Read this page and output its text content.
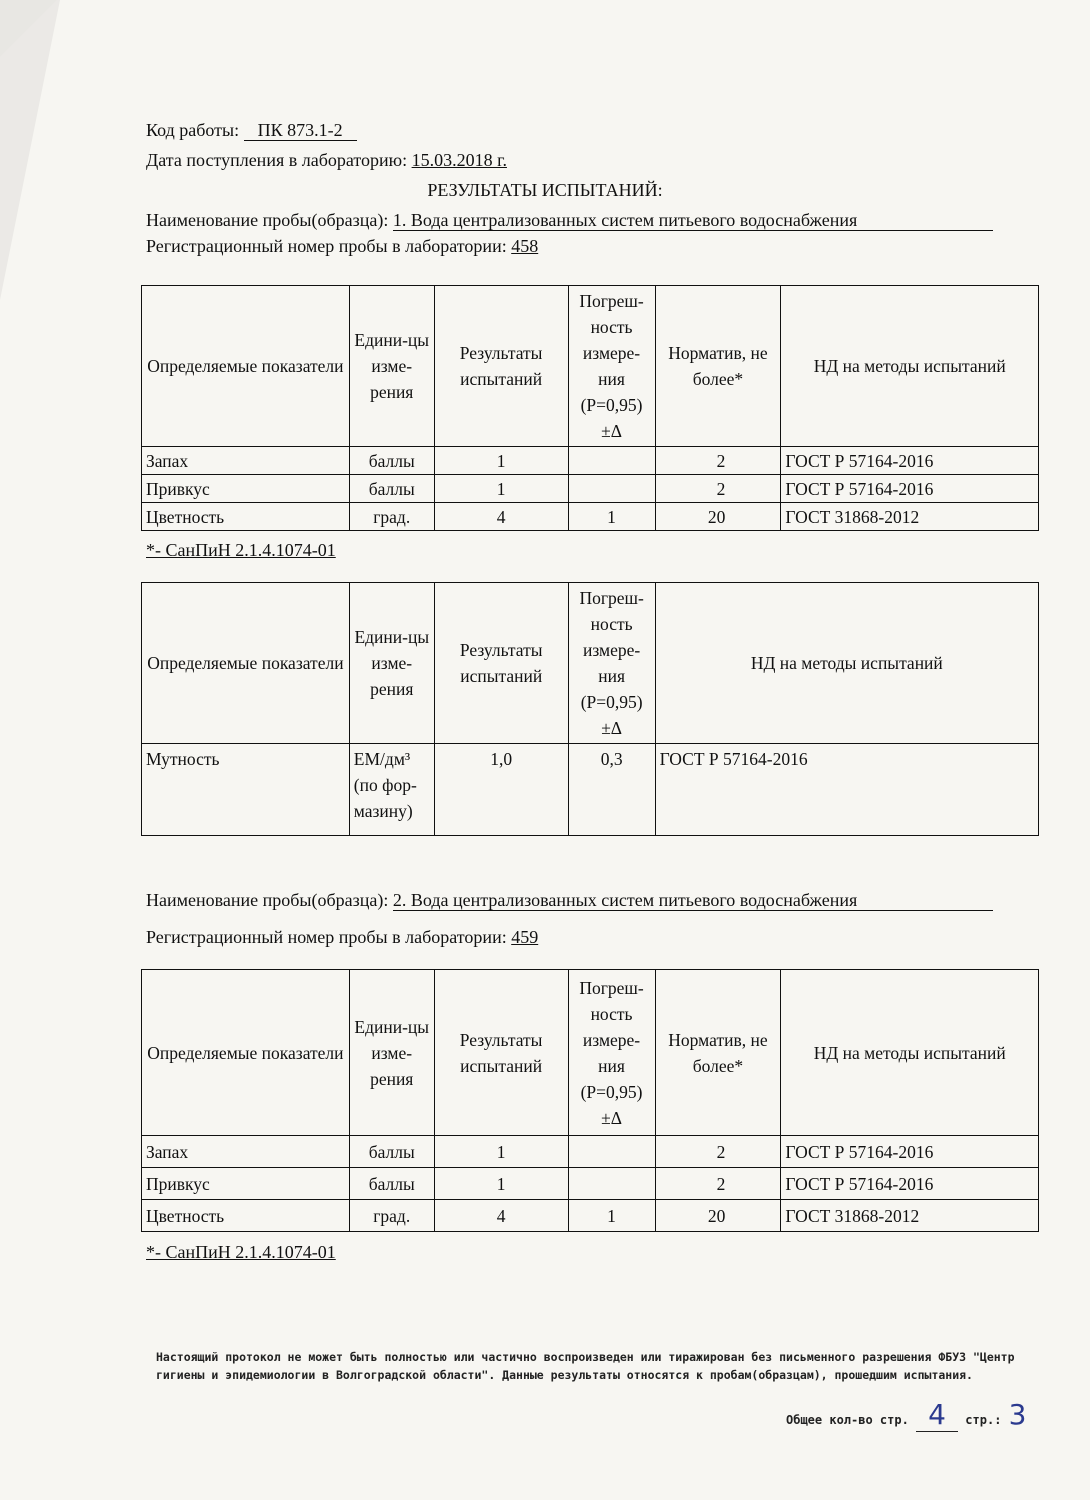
Код работы: ПК 873.1-2
Дата поступления в лабораторию: 15.03.2018 г.
РЕЗУЛЬТАТЫ ИСПЫТАНИЙ:
Наименование пробы(образца): 1. Вода централизованных систем питьевого водоснабжения
Регистрационный номер пробы в лаборатории: 458
Определяемые показатели	Едини-цы изме-рения	Результаты испытаний	Погреш-ность измере-ния (P=0,95) ±Δ	Норматив, не более*	НД на методы испытаний
Запах	баллы	1		2	ГОСТ Р 57164-2016
Привкус	баллы	1		2	ГОСТ Р 57164-2016
Цветность	град.	4	1	20	ГОСТ 31868-2012
*- СанПиН 2.1.4.1074-01
Определяемые показатели	Едини-цы изме-рения	Результаты испытаний	Погреш-ность измере-ния (P=0,95) ±Δ	НД на методы испытаний
Мутность	ЕМ/дм³ (по фор-мазину)	1,0	0,3	ГОСТ Р 57164-2016
Наименование пробы(образца): 2. Вода централизованных систем питьевого водоснабжения
Регистрационный номер пробы в лаборатории: 459
Определяемые показатели	Едини-цы изме-рения	Результаты испытаний	Погреш-ность измере-ния (P=0,95) ±Δ	Норматив, не более*	НД на методы испытаний
Запах	баллы	1		2	ГОСТ Р 57164-2016
Привкус	баллы	1		2	ГОСТ Р 57164-2016
Цветность	град.	4	1	20	ГОСТ 31868-2012
*- СанПиН 2.1.4.1074-01
Настоящий протокол не может быть полностью или частично воспроизведен или тиражирован без письменного разрешения ФБУЗ "Центр гигиены и эпидемиологии в Волгоградской области". Данные результаты относятся к пробам(образцам), прошедшим испытания.
Общее кол-во стр. 4 стр.: 3
